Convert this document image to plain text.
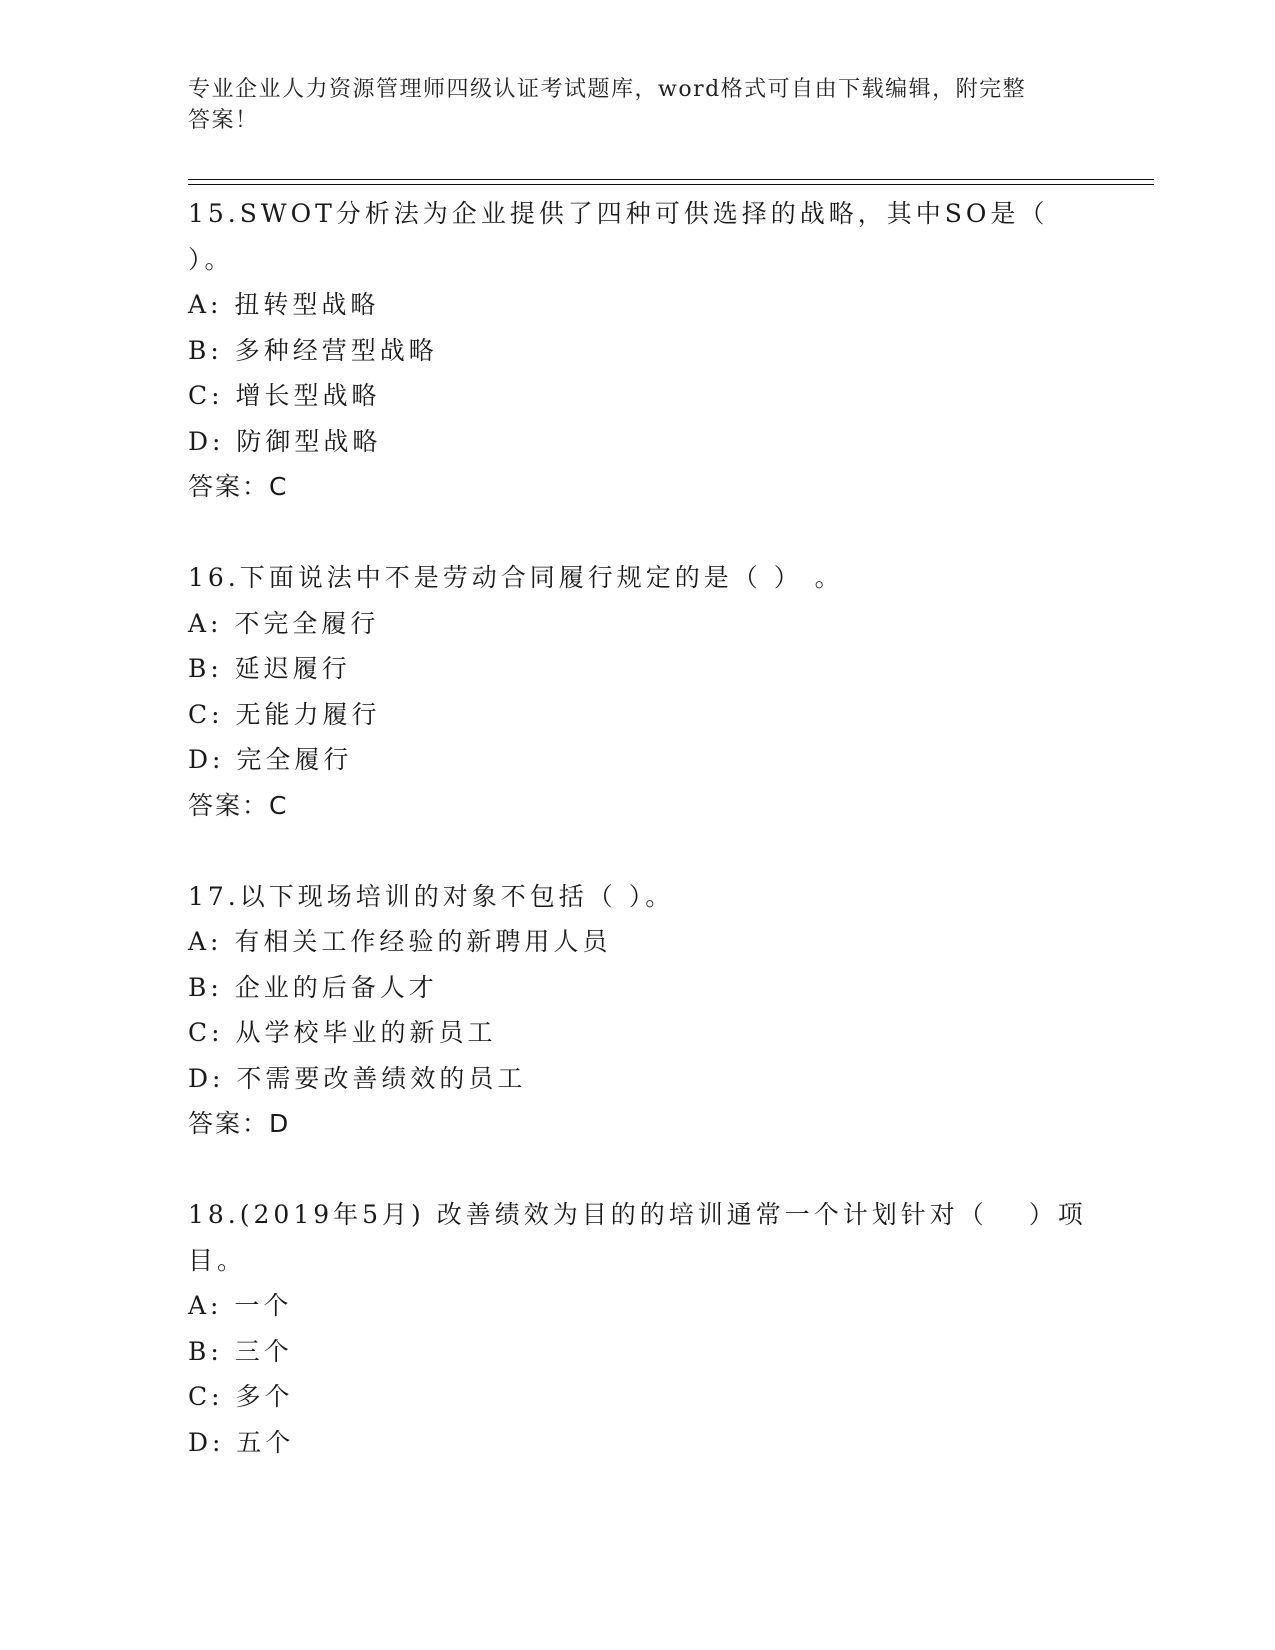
专业企业人力资源管理师四级认证考试题库，word格式可自由下载编辑，附完整
答案！
15.SWOT分析法为企业提供了四种可供选择的战略，其中SO是（
）。
A: 扭转型战略
B: 多种经营型战略
C: 增长型战略
D: 防御型战略
答案：C
16.下面说法中不是劳动合同履行规定的是（ ） 。
A: 不完全履行
B: 延迟履行
C: 无能力履行
D: 完全履行
答案：C
17.以下现场培训的对象不包括（ ）。
A: 有相关工作经验的新聘用人员
B: 企业的后备人才
C: 从学校毕业的新员工
D: 不需要改善绩效的员工
答案：D
18.(2019年5月) 改善绩效为目的的培训通常一个计划针对（　 ）项
目。
A: 一个
B: 三个
C: 多个
D: 五个
